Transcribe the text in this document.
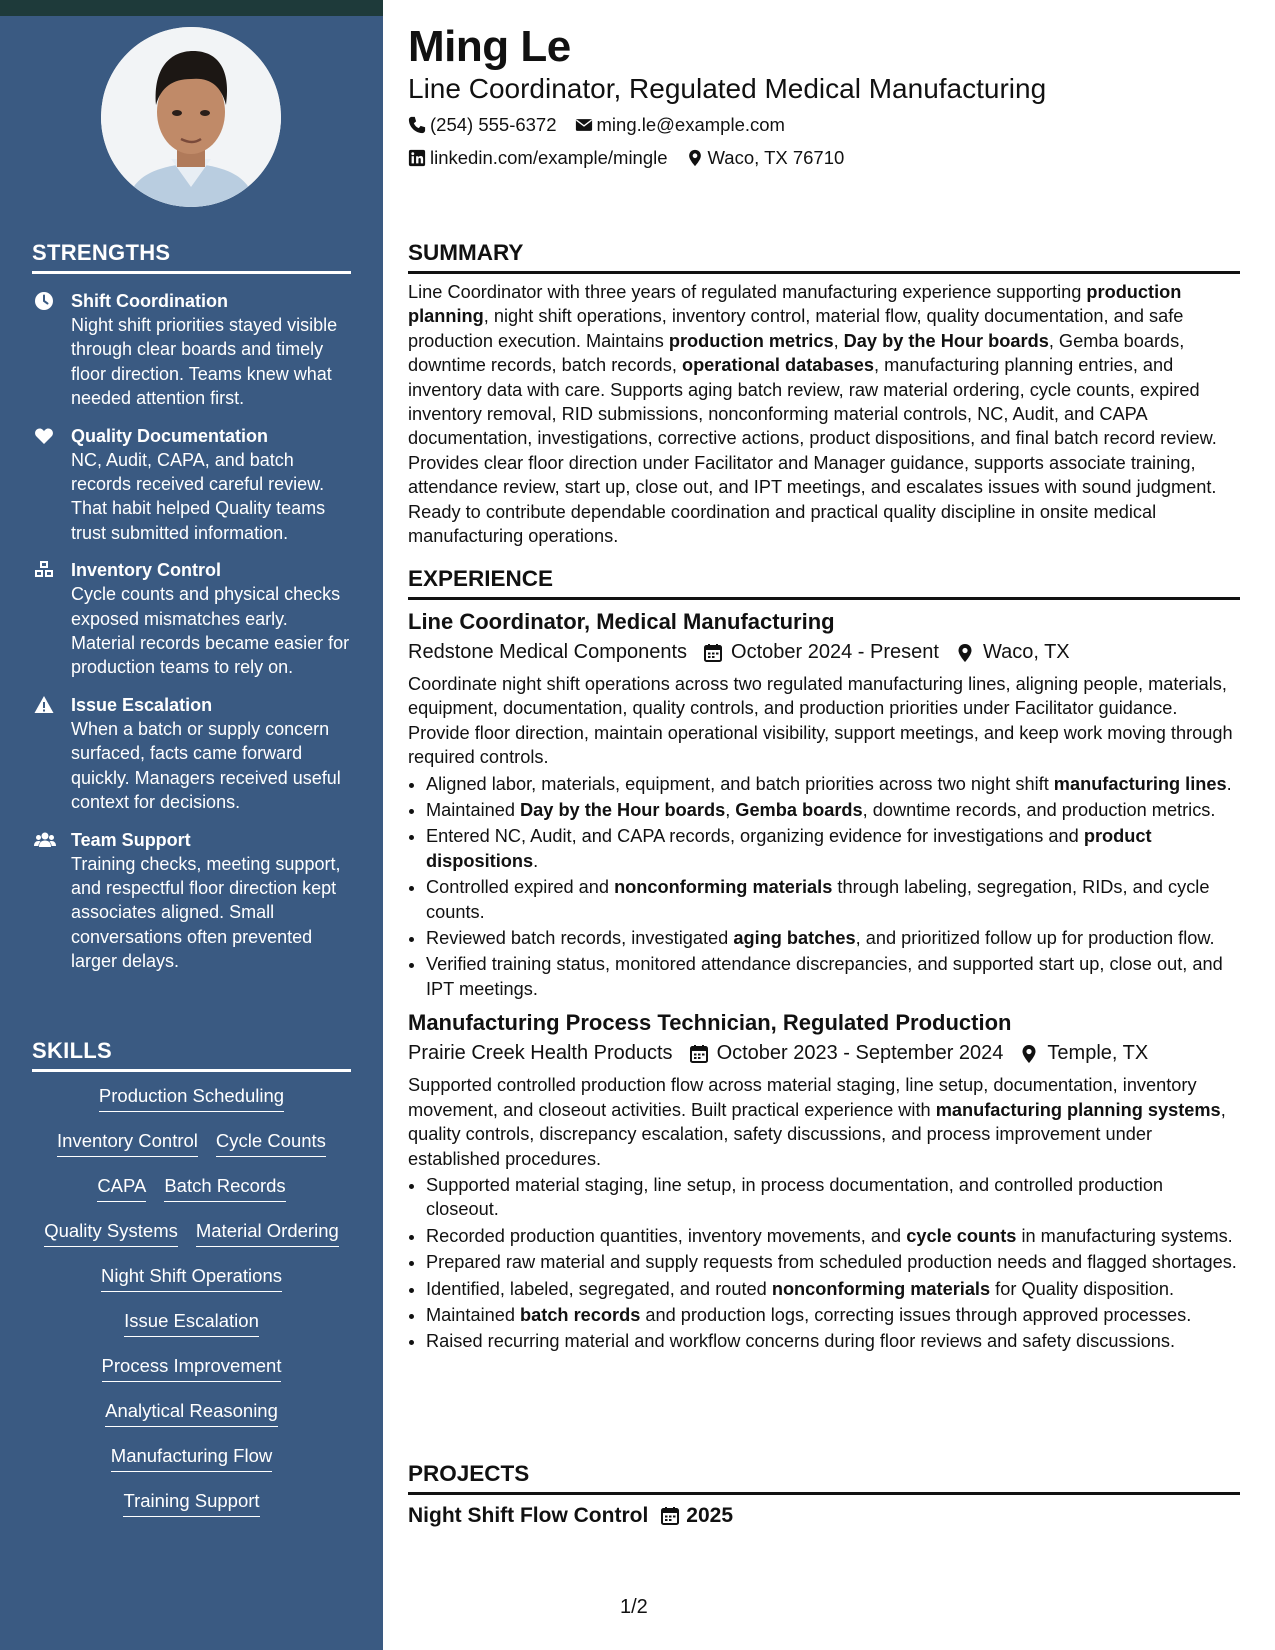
STRENGTHS
Shift Coordination
Night shift priorities stayed visible through clear boards and timely floor direction. Teams knew what needed attention first.
Quality Documentation
NC, Audit, CAPA, and batch records received careful review. That habit helped Quality teams trust submitted information.
Inventory Control
Cycle counts and physical checks exposed mismatches early. Material records became easier for production teams to rely on.
Issue Escalation
When a batch or supply concern surfaced, facts came forward quickly. Managers received useful context for decisions.
Team Support
Training checks, meeting support, and respectful floor direction kept associates aligned. Small conversations often prevented larger delays.
SKILLS
Production Scheduling
Inventory Control Cycle Counts
CAPA Batch Records
Quality Systems Material Ordering
Night Shift Operations
Issue Escalation
Process Improvement
Analytical Reasoning
Manufacturing Flow
Training Support
Ming Le
Line Coordinator, Regulated Medical Manufacturing
(254) 555-6372 ming.le@example.com
linkedin.com/example/mingle Waco, TX 76710
SUMMARY

Line Coordinator with three years of regulated manufacturing experience supporting production planning, night shift operations, inventory control, material flow, quality documentation, and safe production execution. Maintains production metrics, Day by the Hour boards, Gemba boards, downtime records, batch records, operational databases, manufacturing planning entries, and inventory data with care. Supports aging batch review, raw material ordering, cycle counts, expired inventory removal, RID submissions, nonconforming material controls, NC, Audit, and CAPA documentation, investigations, corrective actions, product dispositions, and final batch record review. Provides clear floor direction under Facilitator and Manager guidance, supports associate training, attendance review, start up, close out, and IPT meetings, and escalates issues with sound judgment. Ready to contribute dependable coordination and practical quality discipline in onsite medical manufacturing operations.

EXPERIENCE
Line Coordinator, Medical Manufacturing
Redstone Medical Components October 2024 - Present Waco, TX
Coordinate night shift operations across two regulated manufacturing lines, aligning people, materials, equipment, documentation, quality controls, and production priorities under Facilitator guidance. Provide floor direction, maintain operational visibility, support meetings, and keep work moving through required controls.
• Aligned labor, materials, equipment, and batch priorities across two night shift manufacturing lines.
• Maintained Day by the Hour boards, Gemba boards, downtime records, and production metrics.
• Entered NC, Audit, and CAPA records, organizing evidence for investigations and product dispositions.
• Controlled expired and nonconforming materials through labeling, segregation, RIDs, and cycle counts.
• Reviewed batch records, investigated aging batches, and prioritized follow up for production flow.
• Verified training status, monitored attendance discrepancies, and supported start up, close out, and IPT meetings.
Manufacturing Process Technician, Regulated Production
Prairie Creek Health Products October 2023 - September 2024 Temple, TX
Supported controlled production flow across material staging, line setup, documentation, inventory movement, and closeout activities. Built practical experience with manufacturing planning systems, quality controls, discrepancy escalation, safety discussions, and process improvement under established procedures.
• Supported material staging, line setup, in process documentation, and controlled production closeout.
• Recorded production quantities, inventory movements, and cycle counts in manufacturing systems.
• Prepared raw material and supply requests from scheduled production needs and flagged shortages.
• Identified, labeled, segregated, and routed nonconforming materials for Quality disposition.
• Maintained batch records and production logs, correcting issues through approved processes.
• Raised recurring material and workflow concerns during floor reviews and safety discussions.
PROJECTS
Night Shift Flow Control 2025
1/2
